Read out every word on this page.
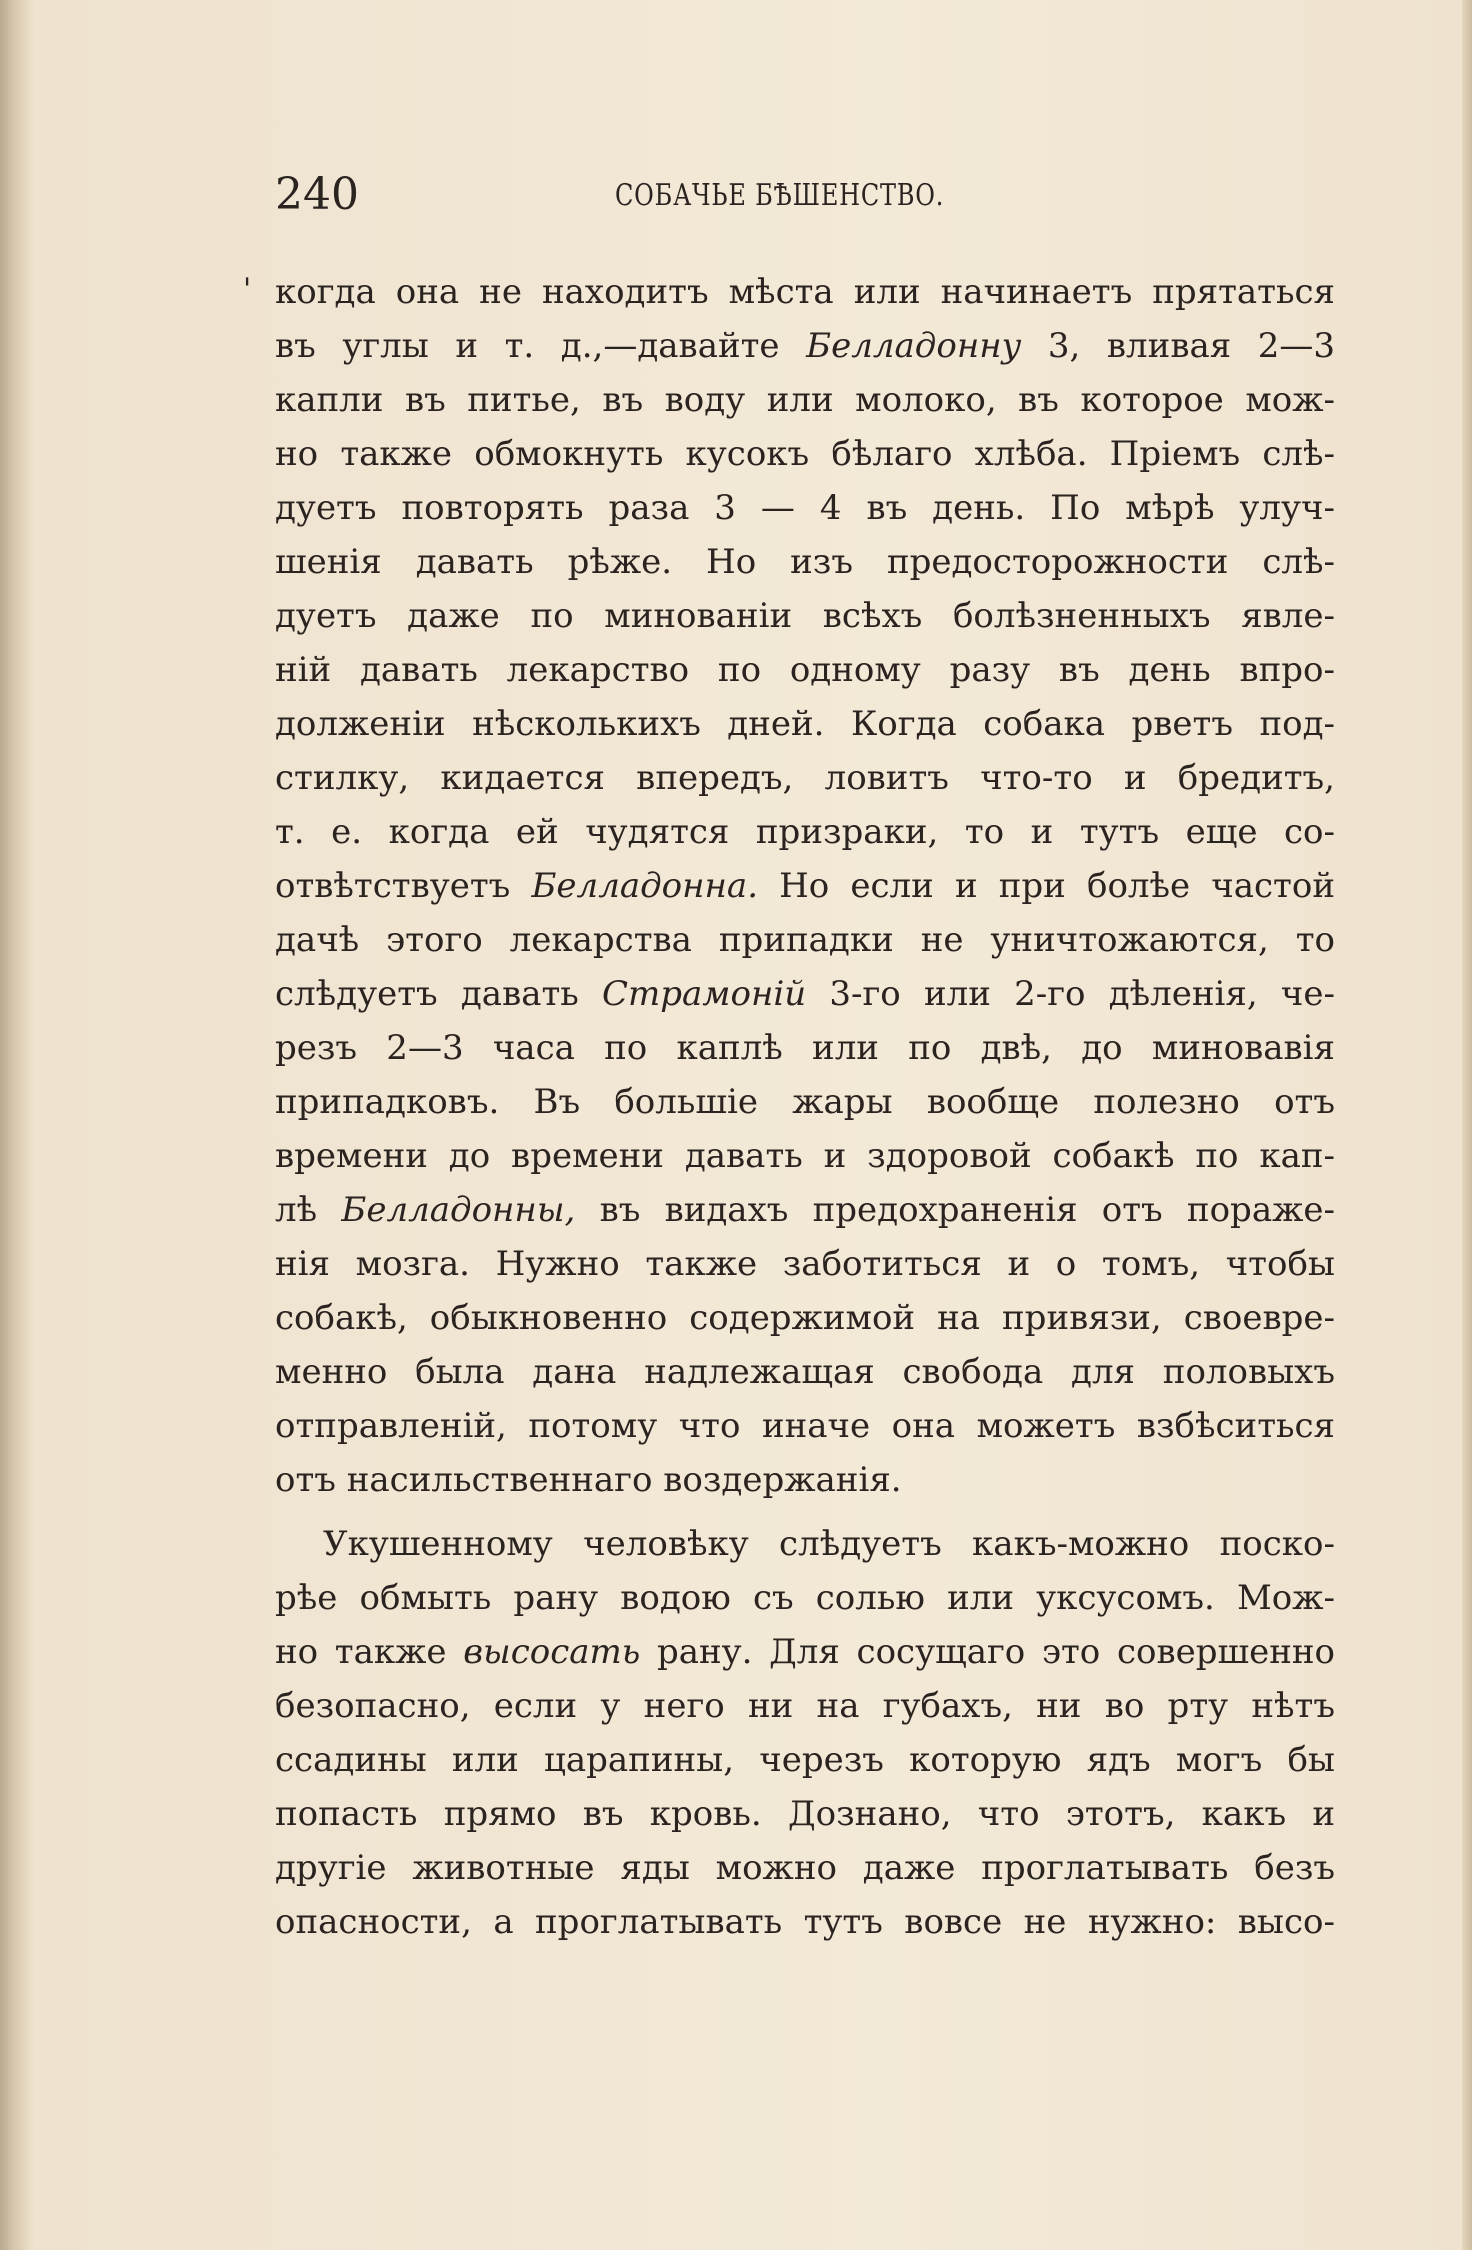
240	СОБАЧЬЕ БѢШЕНСТВО.
' когда она не находитъ мѣста или начинаетъ прятаться
въ углы и т. д.,—давайте Белладонну 3, вливая 2—3
капли въ питье, въ воду или молоко, въ которое мож-
но также обмокнуть кусокъ бѣлаго хлѣба. Пріемъ слѣ-
дуетъ повторять раза 3 — 4 въ день. По мѣрѣ улуч-
шенія давать рѣже. Но изъ предосторожности слѣ-
дуетъ даже по минованіи всѣхъ болѣзненныхъ явле-
ній давать лекарство по одному разу въ день впро-
долженіи нѣсколькихъ дней. Когда собака рветъ под-
стилку, кидается впередъ, ловитъ что-то и бредитъ,
т. е. когда ей чудятся призраки, то и тутъ еще со-
отвѣтствуетъ Белладонна. Но если и при болѣе частой
дачѣ этого лекарства припадки не уничтожаются, то
слѣдуетъ давать Страмоній 3-го или 2-го дѣленія, че-
резъ 2—3 часа по каплѣ или по двѣ, до миновавія
припадковъ. Въ большіе жары вообще полезно отъ
времени до времени давать и здоровой собакѣ по кап-
лѣ Белладонны, въ видахъ предохраненія отъ пораже-
нія мозга. Нужно также заботиться и о томъ, чтобы
собакѣ, обыкновенно содержимой на привязи, своевре-
менно была дана надлежащая свобода для половыхъ
отправленій, потому что иначе она можетъ взбѣситься
отъ насильственнаго воздержанія.
Укушенному человѣку слѣдуетъ какъ-можно поско-
рѣе обмыть рану водою съ солью или уксусомъ. Мож-
но также высосать рану. Для сосущаго это совершенно
безопасно, если у него ни на губахъ, ни во рту нѣтъ
ссадины или царапины, черезъ которую ядъ могъ бы
попасть прямо въ кровь. Дознано, что этотъ, какъ и
другіе животные яды можно даже проглатывать безъ
опасности, а проглатывать тутъ вовсе не нужно: высо-
